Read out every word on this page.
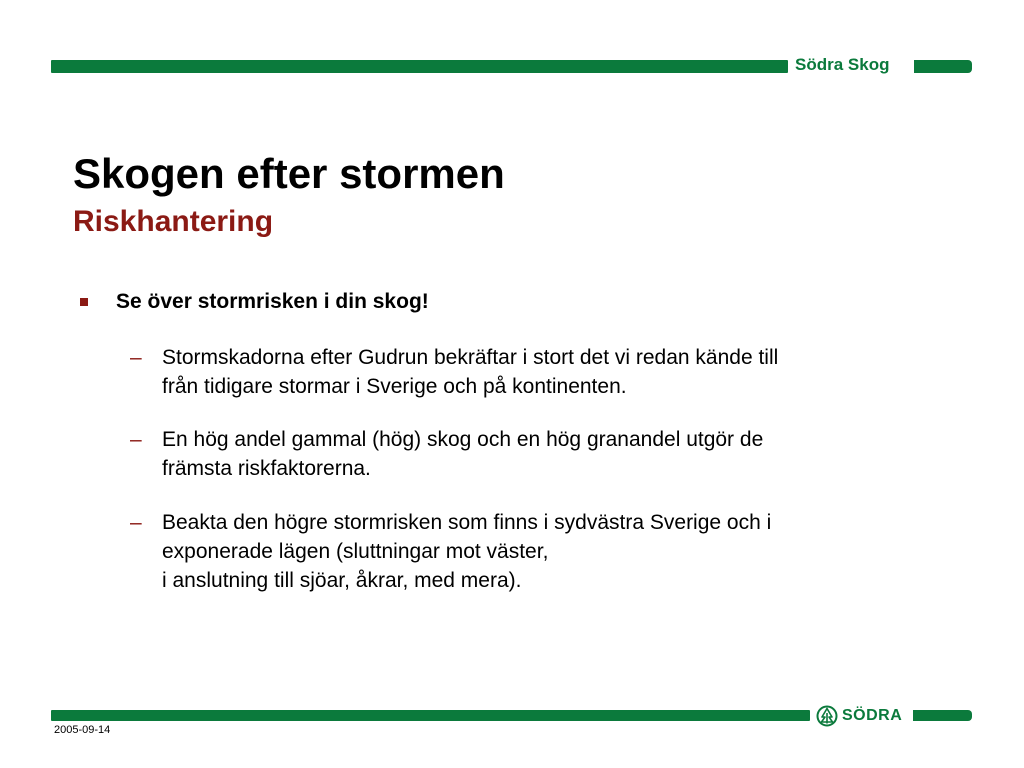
Södra Skog
Skogen efter stormen
Riskhantering
Se över stormrisken i din skog!
– Stormskadorna efter Gudrun bekräftar i stort det vi redan kände till
från tidigare stormar i Sverige och på kontinenten.
– En hög andel gammal (hög) skog och en hög granandel utgör de
främsta riskfaktorerna.
– Beakta den högre stormrisken som finns i sydvästra Sverige och i
exponerade lägen (sluttningar mot väster,
i anslutning till sjöar, åkrar, med mera).
SÖDRA
2005-09-14
